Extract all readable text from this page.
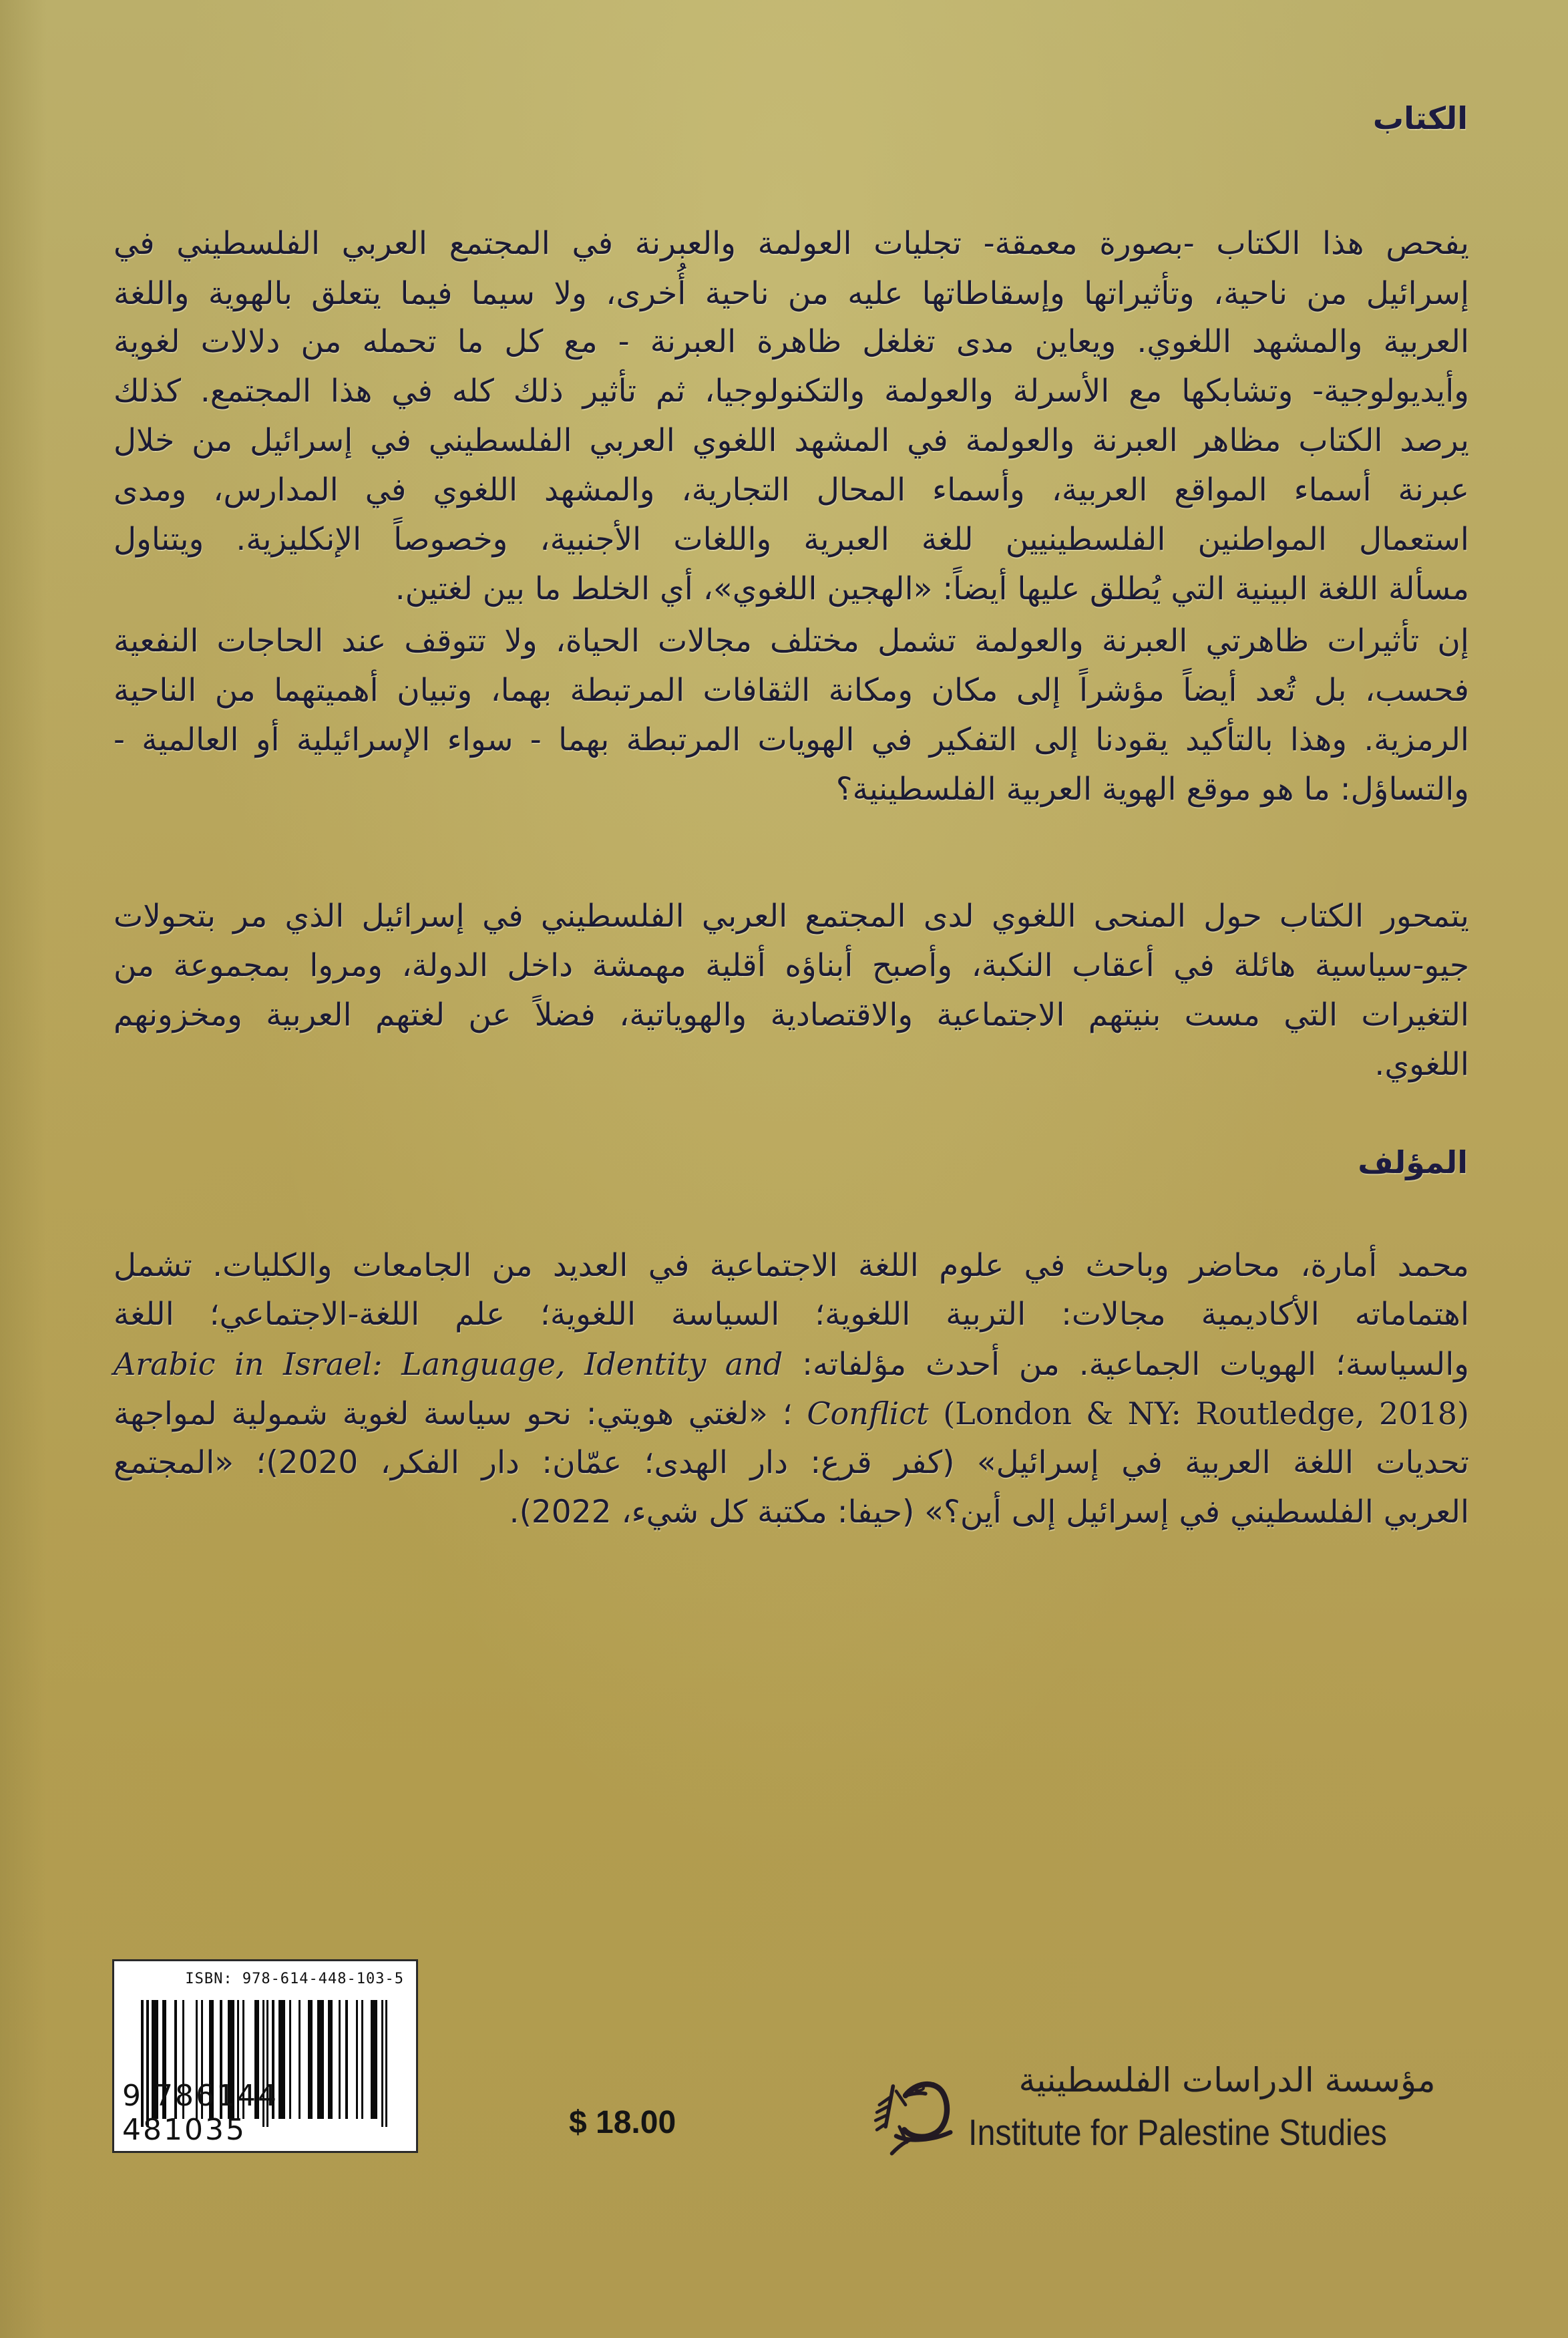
الكتاب
يفحص هذا الكتاب -بصورة معمقة- تجليات العولمة والعبرنة في المجتمع العربي الفلسطيني في
إسرائيل من ناحية، وتأثيراتها وإسقاطاتها عليه من ناحية أُخرى، ولا سيما فيما يتعلق بالهوية واللغة
العربية والمشهد اللغوي. ويعاين مدى تغلغل ظاهرة العبرنة - مع كل ما تحمله من دلالات لغوية
وأيديولوجية- وتشابكها مع الأسرلة والعولمة والتكنولوجيا، ثم تأثير ذلك كله في هذا المجتمع. كذلك
يرصد الكتاب مظاهر العبرنة والعولمة في المشهد اللغوي العربي الفلسطيني في إسرائيل من خلال
عبرنة أسماء المواقع العربية، وأسماء المحال التجارية، والمشهد اللغوي في المدارس، ومدى
استعمال المواطنين الفلسطينيين للغة العبرية واللغات الأجنبية، وخصوصاً الإنكليزية. ويتناول
مسألة اللغة البينية التي يُطلق عليها أيضاً: «الهجين اللغوي»، أي الخلط ما بين لغتين.
إن تأثيرات ظاهرتي العبرنة والعولمة تشمل مختلف مجالات الحياة، ولا تتوقف عند الحاجات النفعية
فحسب، بل تُعد أيضاً مؤشراً إلى مكان ومكانة الثقافات المرتبطة بهما، وتبيان أهميتهما من الناحية
الرمزية. وهذا بالتأكيد يقودنا إلى التفكير في الهويات المرتبطة بهما - سواء الإسرائيلية أو العالمية -
والتساؤل: ما هو موقع الهوية العربية الفلسطينية؟
يتمحور الكتاب حول المنحى اللغوي لدى المجتمع العربي الفلسطيني في إسرائيل الذي مر بتحولات
جيو-سياسية هائلة في أعقاب النكبة، وأصبح أبناؤه أقلية مهمشة داخل الدولة، ومروا بمجموعة من
التغيرات التي مست بنيتهم الاجتماعية والاقتصادية والهوياتية، فضلاً عن لغتهم العربية ومخزونهم
اللغوي.
المؤلف
محمد أمارة، محاضر وباحث في علوم اللغة الاجتماعية في العديد من الجامعات والكليات. تشمل
اهتماماته الأكاديمية مجالات: التربية اللغوية؛ السياسة اللغوية؛ علم اللغة-الاجتماعي؛ اللغة
والسياسة؛ الهويات الجماعية. من أحدث مؤلفاته: Arabic in Israel: Language, Identity and
(London & NY: Routledge, 2018) Conflict ؛ «لغتي هويتي: نحو سياسة لغوية شمولية لمواجهة
تحديات اللغة العربية في إسرائيل» (كفر قرع: دار الهدى؛ عمّان: دار الفكر، 2020)؛ «المجتمع
العربي الفلسطيني في إسرائيل إلى أين؟» (حيفا: مكتبة كل شيء، 2022).
ISBN: 978-614-448-103-5
9 786144 481035	$ 18.00
مؤسسة الدراسات الفلسطينية
Institute for Palestine Studies
